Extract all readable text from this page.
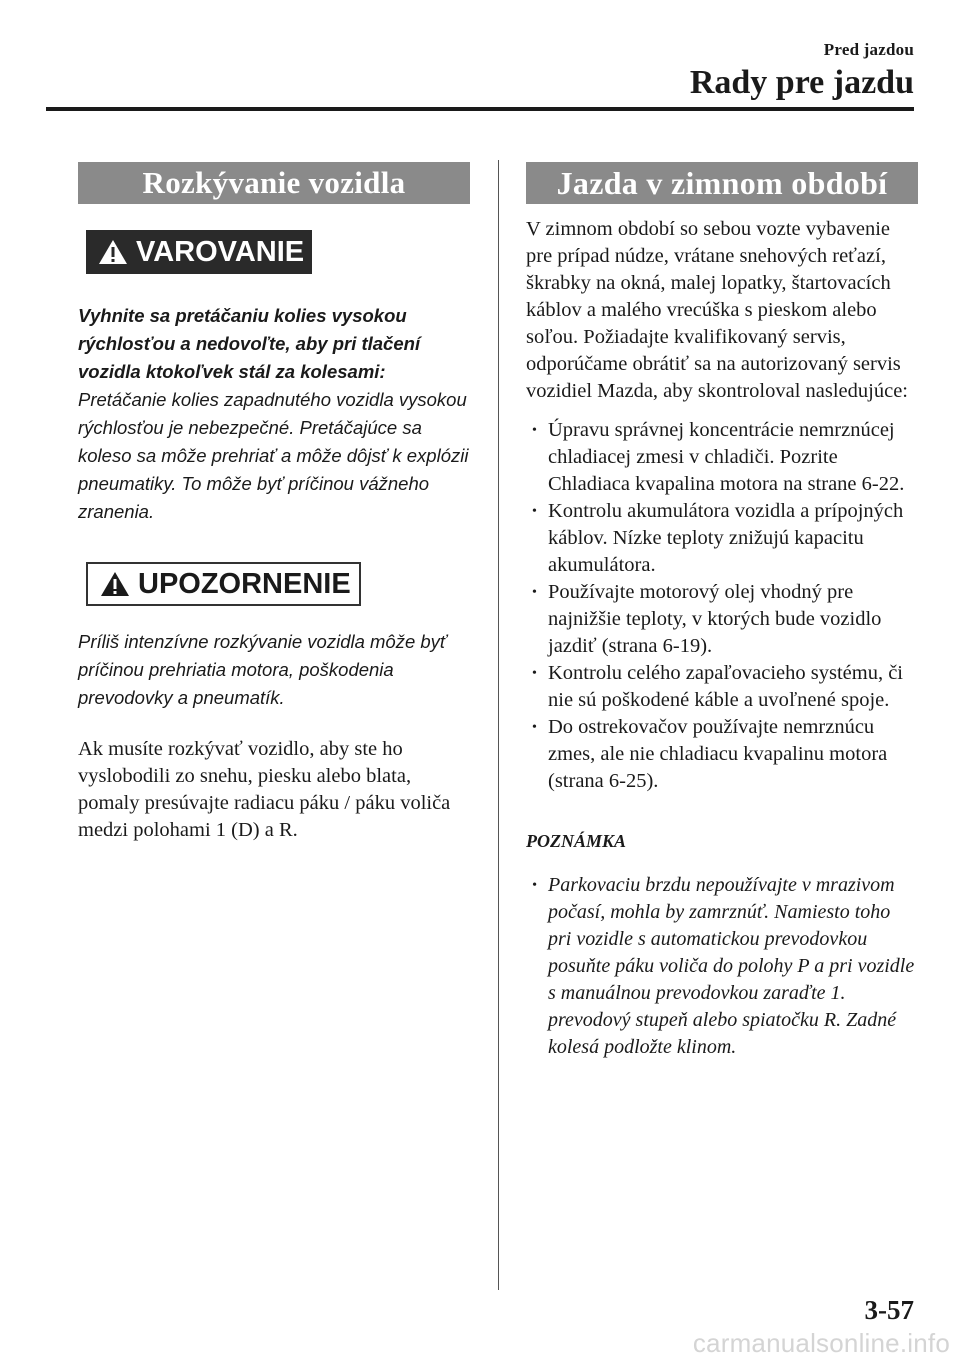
Pred jazdou
Rady pre jazdu
Rozkývanie vozidla
VAROVANIE

Vyhnite sa pretáčaniu kolies vysokou rýchlosťou a nedovoľte, aby pri tlačení vozidla ktokoľvek stál za kolesami:

Pretáčanie kolies zapadnutého vozidla vysokou rýchlosťou je nebezpečné. Pretáčajúce sa koleso sa môže prehriať a môže dôjsť k explózii pneumatiky. To môže byť príčinou vážneho zranenia.

UPOZORNENIE

Príliš intenzívne rozkývanie vozidla môže byť príčinou prehriatia motora, poškodenia prevodovky a pneumatík.

Ak musíte rozkývať vozidlo, aby ste ho vyslobodili zo snehu, piesku alebo blata, pomaly presúvajte radiacu páku / páku voliča medzi polohami 1 (D) a R.

Jazda v zimnom období

V zimnom období so sebou vozte vybavenie pre prípad núdze, vrátane snehových reťazí, škrabky na okná, malej lopatky, štartovacích káblov a malého vrecúška s pieskom alebo soľou. Požiadajte kvalifikovaný servis, odporúčame obrátiť sa na autorizovaný servis vozidiel Mazda, aby skontroloval nasledujúce:

• Úpravu správnej koncentrácie nemrznúcej chladiacej zmesi v chladiči. Pozrite Chladiaca kvapalina motora na strane 6-22.
• Kontrolu akumulátora vozidla a prípojných káblov. Nízke teploty znižujú kapacitu akumulátora.
• Používajte motorový olej vhodný pre najnižšie teploty, v ktorých bude vozidlo jazdiť (strana 6-19).
• Kontrolu celého zapaľovacieho systému, či nie sú poškodené káble a uvoľnené spoje.
• Do ostrekovačov používajte nemrznúcu zmes, ale nie chladiacu kvapalinu motora (strana 6-25).
POZNÁMKA
• Parkovaciu brzdu nepoužívajte v mrazivom počasí, mohla by zamrznúť. Namiesto toho pri vozidle s automatickou prevodovkou posuňte páku voliča do polohy P a pri vozidle s manuálnou prevodovkou zaraďte 1. prevodový stupeň alebo spiatočku R. Zadné kolesá podložte klinom.
3-57
carmanualsonline.info
